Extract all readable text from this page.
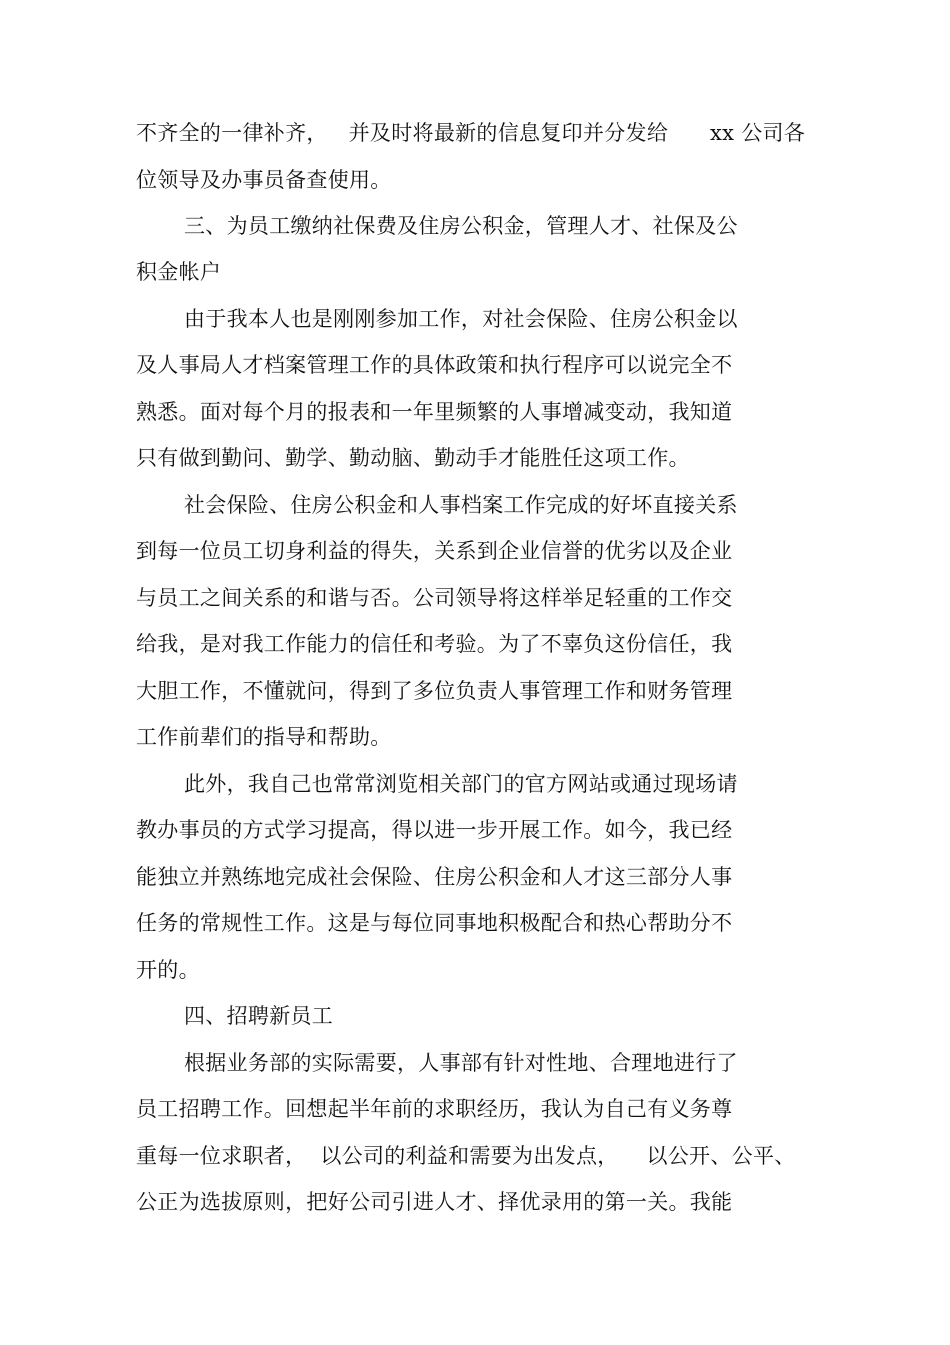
不齐全的一律补齐，   并及时将最新的信息复印并分发给      xx 公司各
位领导及办事员备查使用。
三、为员工缴纳社保费及住房公积金，管理人才、社保及公
积金帐户
由于我本人也是刚刚参加工作，对社会保险、住房公积金以
及人事局人才档案管理工作的具体政策和执行程序可以说完全不
熟悉。面对每个月的报表和一年里频繁的人事增减变动，我知道
只有做到勤问、勤学、勤动脑、勤动手才能胜任这项工作。
社会保险、住房公积金和人事档案工作完成的好坏直接关系
到每一位员工切身利益的得失，关系到企业信誉的优劣以及企业
与员工之间关系的和谐与否。公司领导将这样举足轻重的工作交
给我，是对我工作能力的信任和考验。为了不辜负这份信任，我
大胆工作，不懂就问，得到了多位负责人事管理工作和财务管理
工作前辈们的指导和帮助。
此外，我自己也常常浏览相关部门的官方网站或通过现场请
教办事员的方式学习提高，得以进一步开展工作。如今，我已经
能独立并熟练地完成社会保险、住房公积金和人才这三部分人事
任务的常规性工作。这是与每位同事地积极配合和热心帮助分不
开的。
四、招聘新员工
根据业务部的实际需要，人事部有针对性地、合理地进行了
员工招聘工作。回想起半年前的求职经历，我认为自己有义务尊
重每一位求职者，  以公司的利益和需要为出发点，    以公开、公平、
公正为选拔原则，把好公司引进人才、择优录用的第一关。我能
